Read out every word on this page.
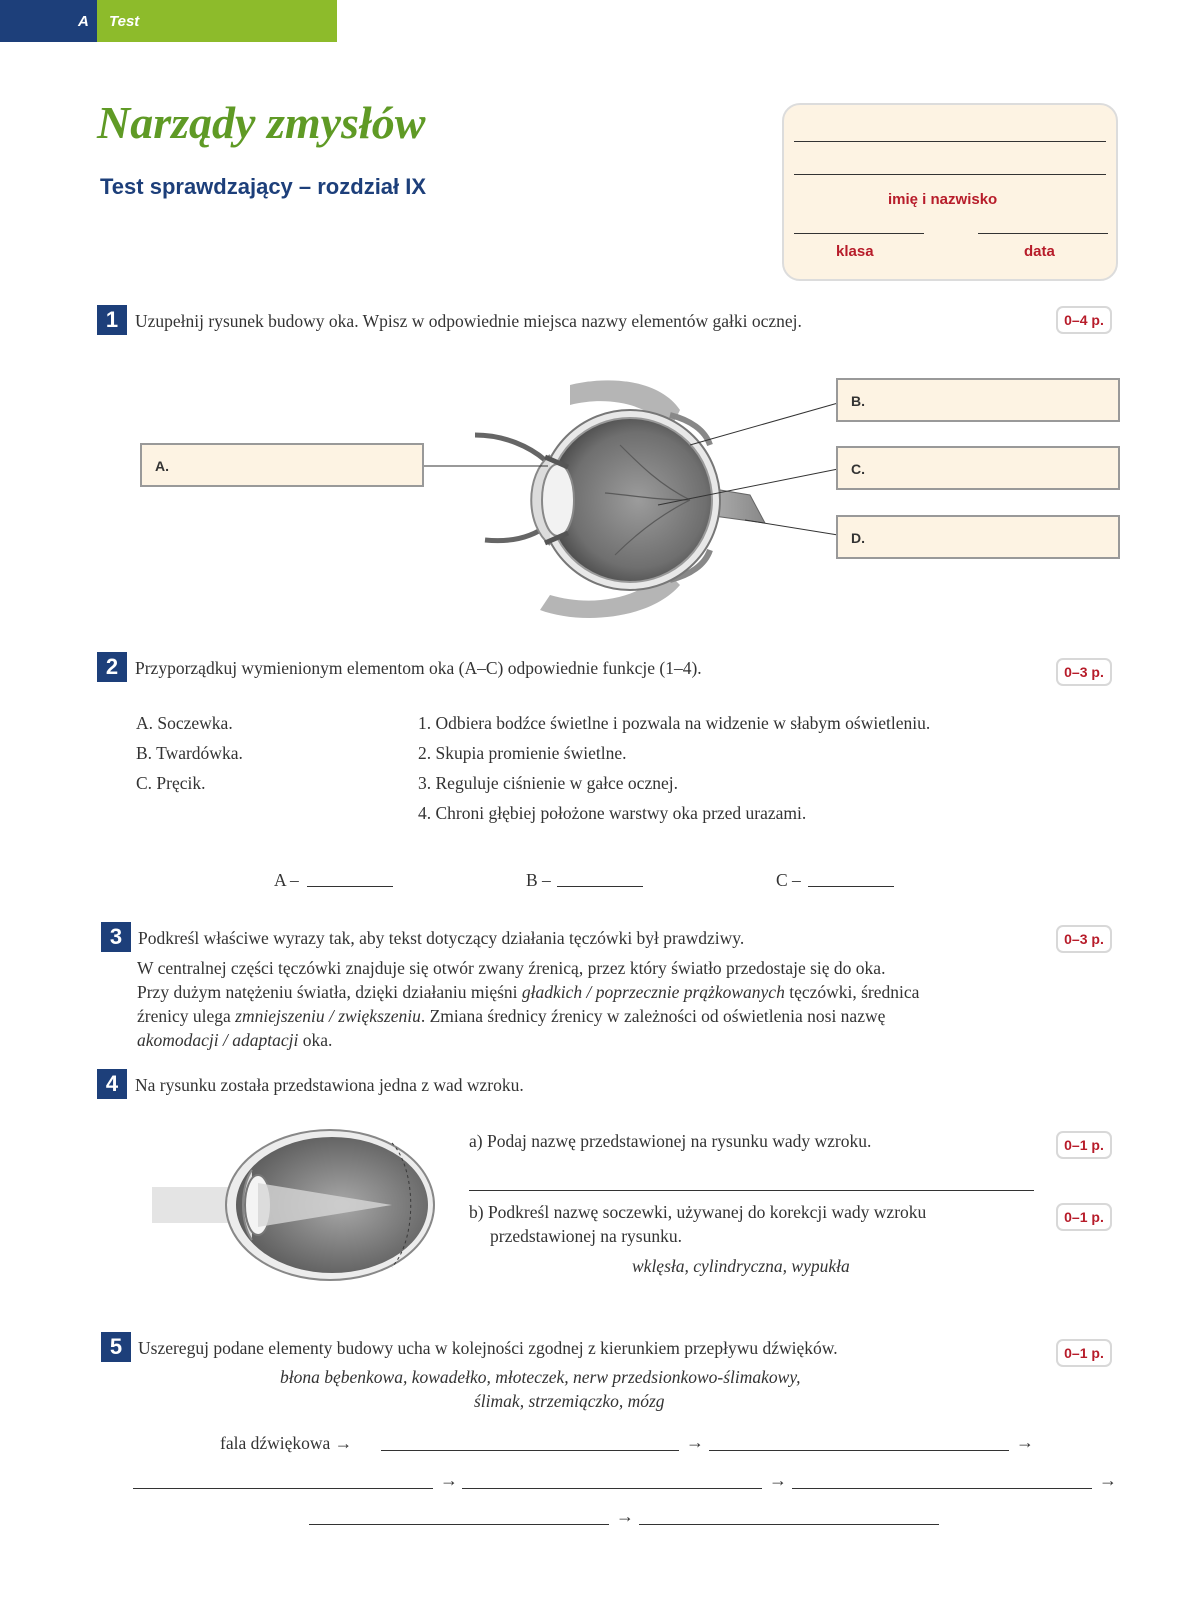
A Test
Narządy zmysłów
Test sprawdzający – rozdział IX
imię i nazwisko
klasa	data
1 Uzupełnij rysunek budowy oka. Wpisz w odpowiednie miejsca nazwy elementów gałki ocznej.	0–4 p.
A.
B.
C.
D.
2 Przyporządkuj wymienionym elementom oka (A–C) odpowiednie funkcje (1–4).	0–3 p.
A. Soczewka.
B. Twardówka.
C. Pręcik.
1. Odbiera bodźce świetlne i pozwala na widzenie w słabym oświetleniu.
2. Skupia promienie świetlne.
3. Reguluje ciśnienie w gałce ocznej.
4. Chroni głębiej położone warstwy oka przed urazami.
A –	B –	C –
3 Podkreśl właściwe wyrazy tak, aby tekst dotyczący działania tęczówki był prawdziwy.	0–3 p.
W centralnej części tęczówki znajduje się otwór zwany źrenicą, przez który światło przedostaje się do oka.
Przy dużym natężeniu światła, dzięki działaniu mięśni gładkich / poprzecznie prążkowanych tęczówki, średnica
źrenicy ulega zmniejszeniu / zwiększeniu. Zmiana średnicy źrenicy w zależności od oświetlenia nosi nazwę
akomodacji / adaptacji oka.
4 Na rysunku została przedstawiona jedna z wad wzroku.
a) Podaj nazwę przedstawionej na rysunku wady wzroku.	0–1 p.
b) Podkreśl nazwę soczewki, używanej do korekcji wady wzroku
przedstawionej na rysunku.
0–1 p.
wklęsła, cylindryczna, wypukła
5 Uszereguj podane elementy budowy ucha w kolejności zgodnej z kierunkiem przepływu dźwięków.	0–1 p.
błona bębenkowa, kowadełko, młoteczek, nerw przedsionkowo-ślimakowy,
ślimak, strzemiączko, mózg
fala dźwiękowa →	→	→
→	→	→
→
